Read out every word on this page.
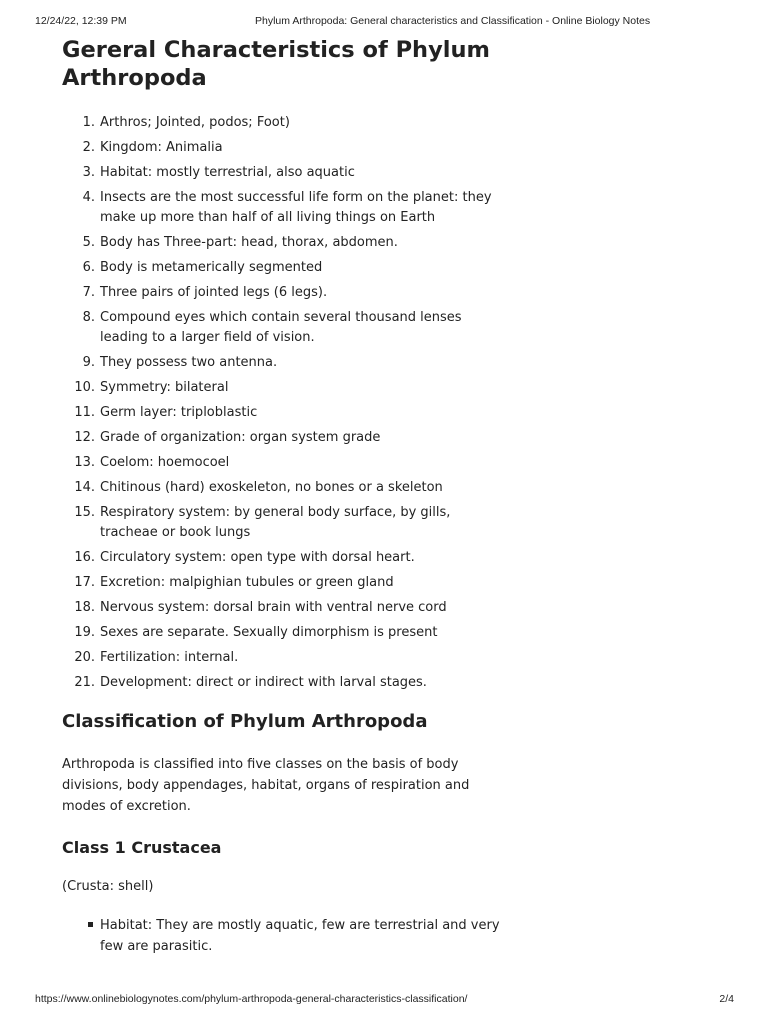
12/24/22, 12:39 PM	Phylum Arthropoda: General characteristics and Classification - Online Biology Notes
Gereral Characteristics of Phylum Arthropoda
1. Arthros; Jointed, podos; Foot)
2. Kingdom: Animalia
3. Habitat: mostly terrestrial, also aquatic
4. Insects are the most successful life form on the planet: they make up more than half of all living things on Earth
5. Body has Three-part: head, thorax, abdomen.
6. Body is metamerically segmented
7. Three pairs of jointed legs (6 legs).
8. Compound eyes which contain several thousand lenses leading to a larger field of vision.
9. They possess two antenna.
10. Symmetry: bilateral
11. Germ layer: triploblastic
12. Grade of organization: organ system grade
13. Coelom: hoemocoel
14. Chitinous (hard) exoskeleton, no bones or a skeleton
15. Respiratory system: by general body surface, by gills, tracheae or book lungs
16. Circulatory system: open type with dorsal heart.
17. Excretion: malpighian tubules or green gland
18. Nervous system: dorsal brain with ventral nerve cord
19. Sexes are separate. Sexually dimorphism is present
20. Fertilization: internal.
21. Development: direct or indirect with larval stages.
Classification of Phylum Arthropoda

Arthropoda is classified into five classes on the basis of body divisions, body appendages, habitat, organs of respiration and modes of excretion.

Class 1 Crustacea

(Crusta: shell)

Habitat: They are mostly aquatic, few are terrestrial and very few are parasitic.
https://www.onlinebiologynotes.com/phylum-arthropoda-general-characteristics-classification/	2/4
